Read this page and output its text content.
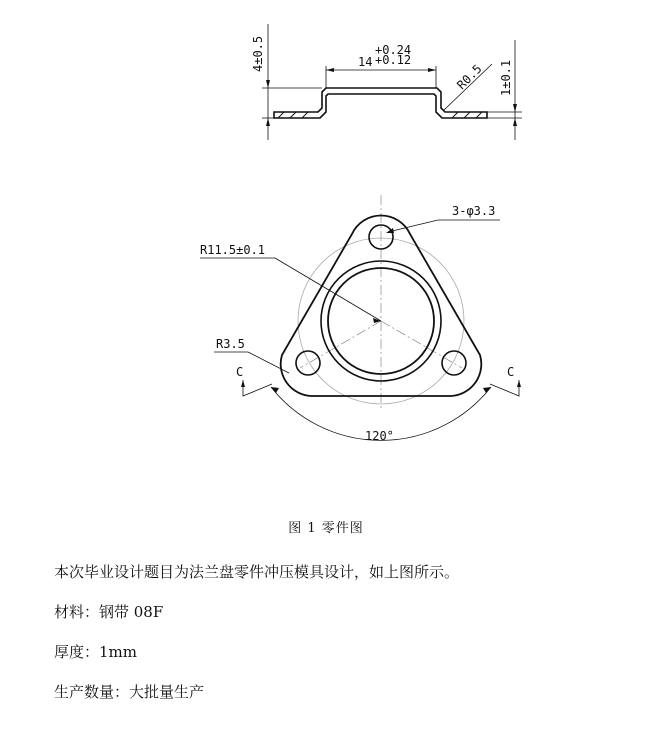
4±0.5	14
+0.24
+0.12
R0.5 1±0.1
3-φ3.3
R11.5±0.1
R3.5
120°
C	C
图 1 零件图
本次毕业设计题目为法兰盘零件冲压模具设计，如上图所示。
材料：钢带 08F
厚度：1mm
生产数量：大批量生产
